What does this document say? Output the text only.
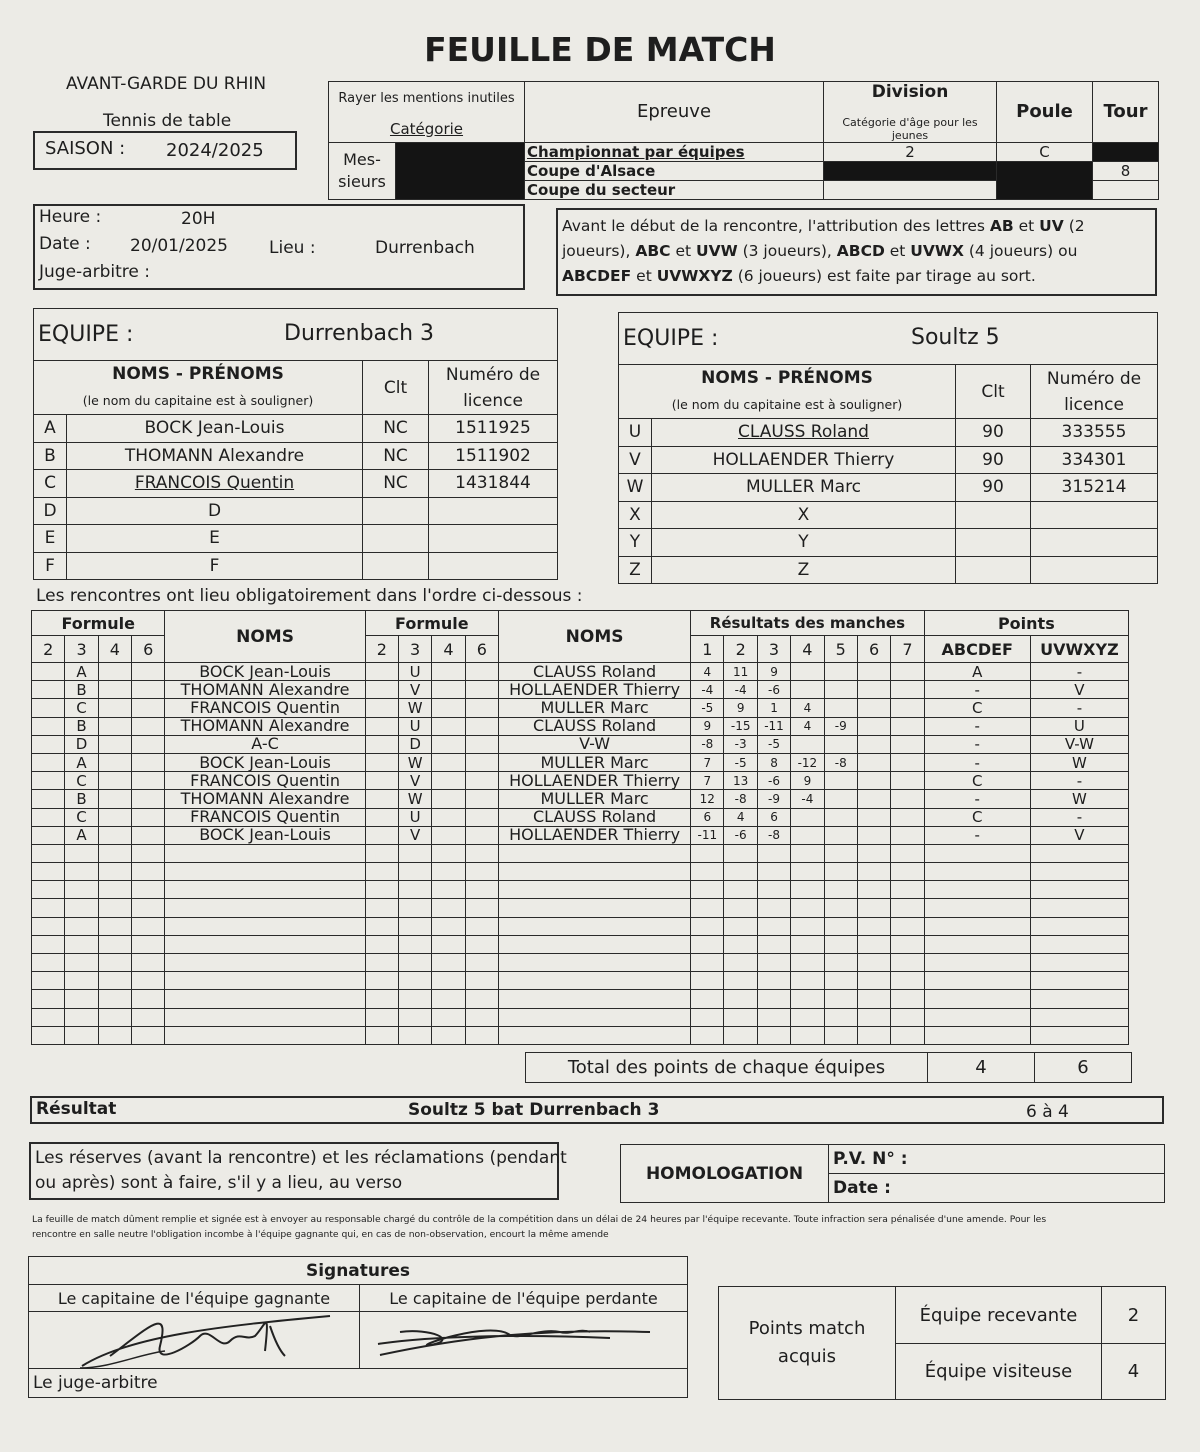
FEUILLE DE MATCH
AVANT-GARDE DU RHIN
Tennis de table
SAISON : 2024/2025
Rayer les mentions inutiles		Epreuve	Division	Poule	Tour
Catégorie			Catégorie d'âge pour les jeunes		
Mes-
sieurs		Championnat par équipes	2	C	
		Coupe d'Alsace			8
		Coupe du secteur			
Heure :	20H
Date : 20/01/2025 Lieu :	Durrenbach
Juge-arbitre :
Avant le début de la rencontre, l'attribution des lettres AB et UV (2
joueurs), ABC et UVW (3 joueurs), ABCD et UVWX (4 joueurs) ou
ABCDEF et UVWXYZ (6 joueurs) est faite par tirage au sort.
EQUIPE : Durrenbach 3			

NOMS - PRÉNOMS		Clt	Numéro de
licence
(le nom du capitaine est à souligner)			
A	BOCK Jean-Louis	NC	1511925
B	THOMANN Alexandre	NC	1511902
C	FRANCOIS Quentin	NC	1431844
D	D		
E	E		
F	F		
EQUIPE : Soultz 5			

NOMS - PRÉNOMS		Clt	Numéro de
licence
(le nom du capitaine est à souligner)			
U	CLAUSS Roland	90	333555
V	HOLLAENDER Thierry	90	334301
W	MULLER Marc	90	315214
X	X		
Y	Y		
Z	Z		
Les rencontres ont lieu obligatoirement dans l'ordre ci-dessous :
Formule				NOMS	Formule				NOMS	Résultats des manches							Points	
2	3	4	6		2	3	4	6		1	2	3	4	5	6	7	ABCDEF	UVWXYZ
	A			BOCK Jean-Louis		U			CLAUSS Roland	4	11	9					A	-
	B			THOMANN Alexandre		V			HOLLAENDER Thierry	-4	-4	-6					-	V
	C			FRANCOIS Quentin		W			MULLER Marc	-5	9	1	4				C	-
	B			THOMANN Alexandre		U			CLAUSS Roland	9	-15	-11	4	-9			-	U
	D			A-C		D			V-W	-8	-3	-5					-	V-W
	A			BOCK Jean-Louis		W			MULLER Marc	7	-5	8	-12	-8			-	W
	C			FRANCOIS Quentin		V			HOLLAENDER Thierry	7	13	-6	9				C	-
	B			THOMANN Alexandre		W			MULLER Marc	12	-8	-9	-4				-	W
	C			FRANCOIS Quentin		U			CLAUSS Roland	6	4	6					C	-
	A			BOCK Jean-Louis		V			HOLLAENDER Thierry	-11	-6	-8					-	V

Total des points de chaque équipes	4	6
Résultat	Soultz 5 bat Durrenbach 3	6 à 4
Les réserves (avant la rencontre) et les réclamations (pendant
ou après) sont à faire, s'il y a lieu, au verso	HOMOLOGATION	P.V. N° :
Date :
La feuille de match dûment remplie et signée est à envoyer au responsable chargé du contrôle de la compétition dans un délai de 24 heures par l'équipe recevante. Toute infraction sera pénalisée d'une amende. Pour les
rencontre en salle neutre l'obligation incombe à l'équipe gagnante qui, en cas de non-observation, encourt la même amende
Signatures	
Le capitaine de l'équipe gagnante	Le capitaine de l'équipe perdante

Le juge-arbitre	
Points match
acquis	Équipe recevante	2
	Équipe visiteuse	4
